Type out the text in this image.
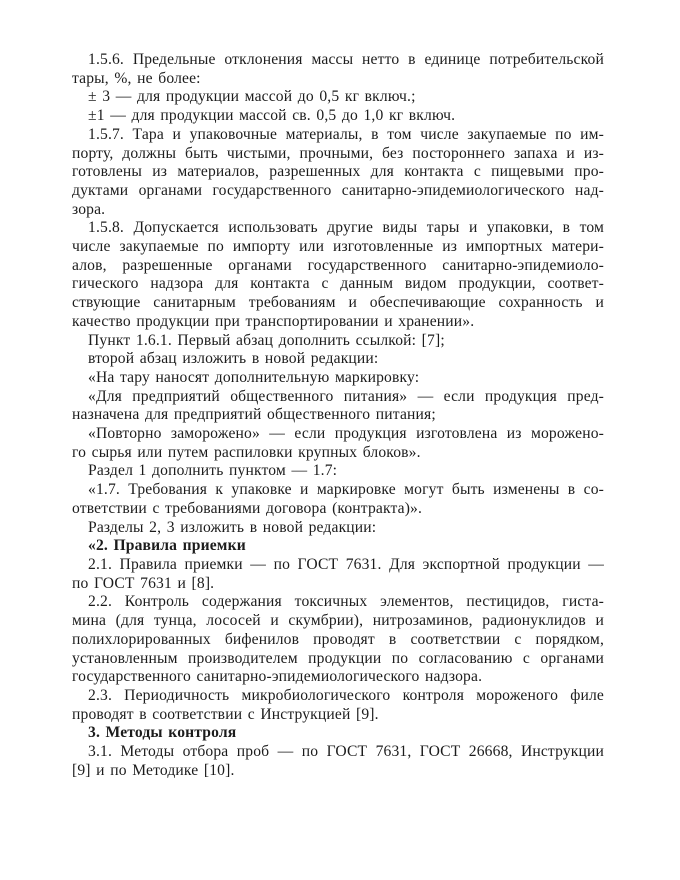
1.5.6. Предельные отклонения массы нетто в единице потребительской
тары, %, не более:
± 3 — для продукции массой до 0,5 кг включ.;
±1 — для продукции массой св. 0,5 до 1,0 кг включ.
1.5.7. Тара и упаковочные материалы, в том числе закупаемые по им-
порту, должны быть чистыми, прочными, без постороннего запаха и из-
готовлены из материалов, разрешенных для контакта с пищевыми про-
дуктами органами государственного санитарно-эпидемиологического над-
зора.
1.5.8. Допускается использовать другие виды тары и упаковки, в том
числе закупаемые по импорту или изготовленные из импортных матери-
алов, разрешенные органами государственного санитарно-эпидемиоло-
гического надзора для контакта с данным видом продукции, соответ-
ствующие санитарным требованиям и обеспечивающие сохранность и
качество продукции при транспортировании и хранении».
Пункт 1.6.1. Первый абзац дополнить ссылкой: [7];
второй абзац изложить в новой редакции:
«На тару наносят дополнительную маркировку:
«Для предприятий общественного питания» — если продукция пред-
назначена для предприятий общественного питания;
«Повторно заморожено» — если продукция изготовлена из морожено-
го сырья или путем распиловки крупных блоков».
Раздел 1 дополнить пунктом — 1.7:
«1.7. Требования к упаковке и маркировке могут быть изменены в со-
ответствии с требованиями договора (контракта)».
Разделы 2, 3 изложить в новой редакции:
«2. Правила приемки
2.1. Правила приемки — по ГОСТ 7631. Для экспортной продукции —
по ГОСТ 7631 и [8].
2.2. Контроль содержания токсичных элементов, пестицидов, гиста-
мина (для тунца, лососей и скумбрии), нитрозаминов, радионуклидов и
полихлорированных бифенилов проводят в соответствии с порядком,
установленным производителем продукции по согласованию с органами
государственного санитарно-эпидемиологического надзора.
2.3. Периодичность микробиологического контроля мороженого филе
проводят в соответствии с Инструкцией [9].
3. Методы контроля
3.1. Методы отбора проб — по ГОСТ 7631, ГОСТ 26668, Инструкции
[9] и по Методике [10].
